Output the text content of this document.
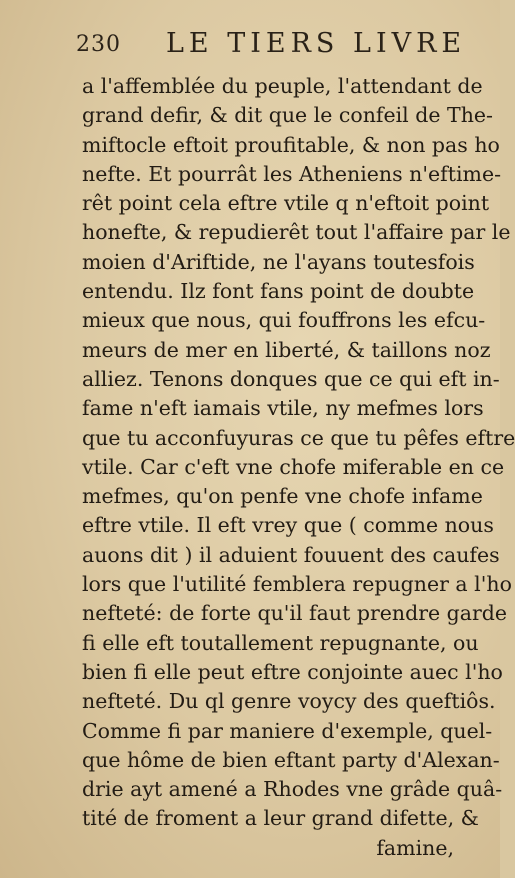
230 LE TIERS LIVRE
a l'affemblée du peuple, l'attendant de
grand defir, & dit que le confeil de The-
miftocle eftoit proufitable, & non pas ho
nefte. Et pourrât les Atheniens n'eftime-
rêt point cela eftre vtile q n'eftoit point
honefte, & repudierêt tout l'affaire par le
moien d'Ariftide, ne l'ayans toutesfois
entendu. Ilz font fans point de doubte
mieux que nous, qui fouffrons les efcu-
meurs de mer en liberté, & taillons noz
alliez. Tenons donques que ce qui eft in-
fame n'eft iamais vtile, ny mefmes lors
que tu acconfuyuras ce que tu pêfes eftre
vtile. Car c'eft vne chofe miferable en ce
mefmes, qu'on penfe vne chofe infame
eftre vtile. Il eft vrey que ( comme nous
auons dit ) il aduient fouuent des caufes
lors que l'utilité femblera repugner a l'ho
nefteté: de forte qu'il faut prendre garde
fi elle eft toutallement repugnante, ou
bien fi elle peut eftre conjointe auec l'ho
nefteté. Du ql genre voycy des queftiôs.
Comme fi par maniere d'exemple, quel-
que hôme de bien eftant party d'Alexan-
drie ayt amené a Rhodes vne grâde quâ-
tité de froment a leur grand difette, &
famine,
